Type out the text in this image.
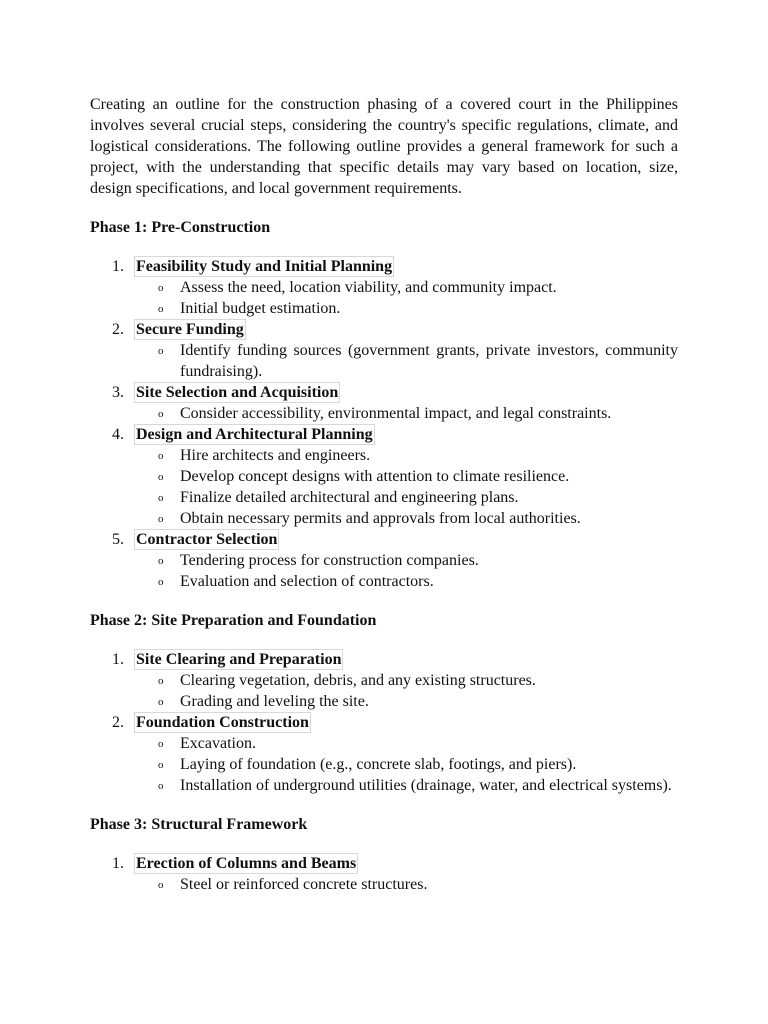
Creating an outline for the construction phasing of a covered court in the Philippines involves several crucial steps, considering the country's specific regulations, climate, and logistical considerations. The following outline provides a general framework for such a project, with the understanding that specific details may vary based on location, size, design specifications, and local government requirements.

Phase 1: Pre-Construction

1. Feasibility Study and Initial Planning
o Assess the need, location viability, and community impact.
o Initial budget estimation.
2. Secure Funding
o Identify funding sources (government grants, private investors, community fundraising).
3. Site Selection and Acquisition
o Consider accessibility, environmental impact, and legal constraints.
4. Design and Architectural Planning
o Hire architects and engineers.
o Develop concept designs with attention to climate resilience.
o Finalize detailed architectural and engineering plans.
o Obtain necessary permits and approvals from local authorities.
5. Contractor Selection
o Tendering process for construction companies.
o Evaluation and selection of contractors.

Phase 2: Site Preparation and Foundation

1. Site Clearing and Preparation
o Clearing vegetation, debris, and any existing structures.
o Grading and leveling the site.
2. Foundation Construction
o Excavation.
o Laying of foundation (e.g., concrete slab, footings, and piers).
o Installation of underground utilities (drainage, water, and electrical systems).

Phase 3: Structural Framework

1. Erection of Columns and Beams
o Steel or reinforced concrete structures.
